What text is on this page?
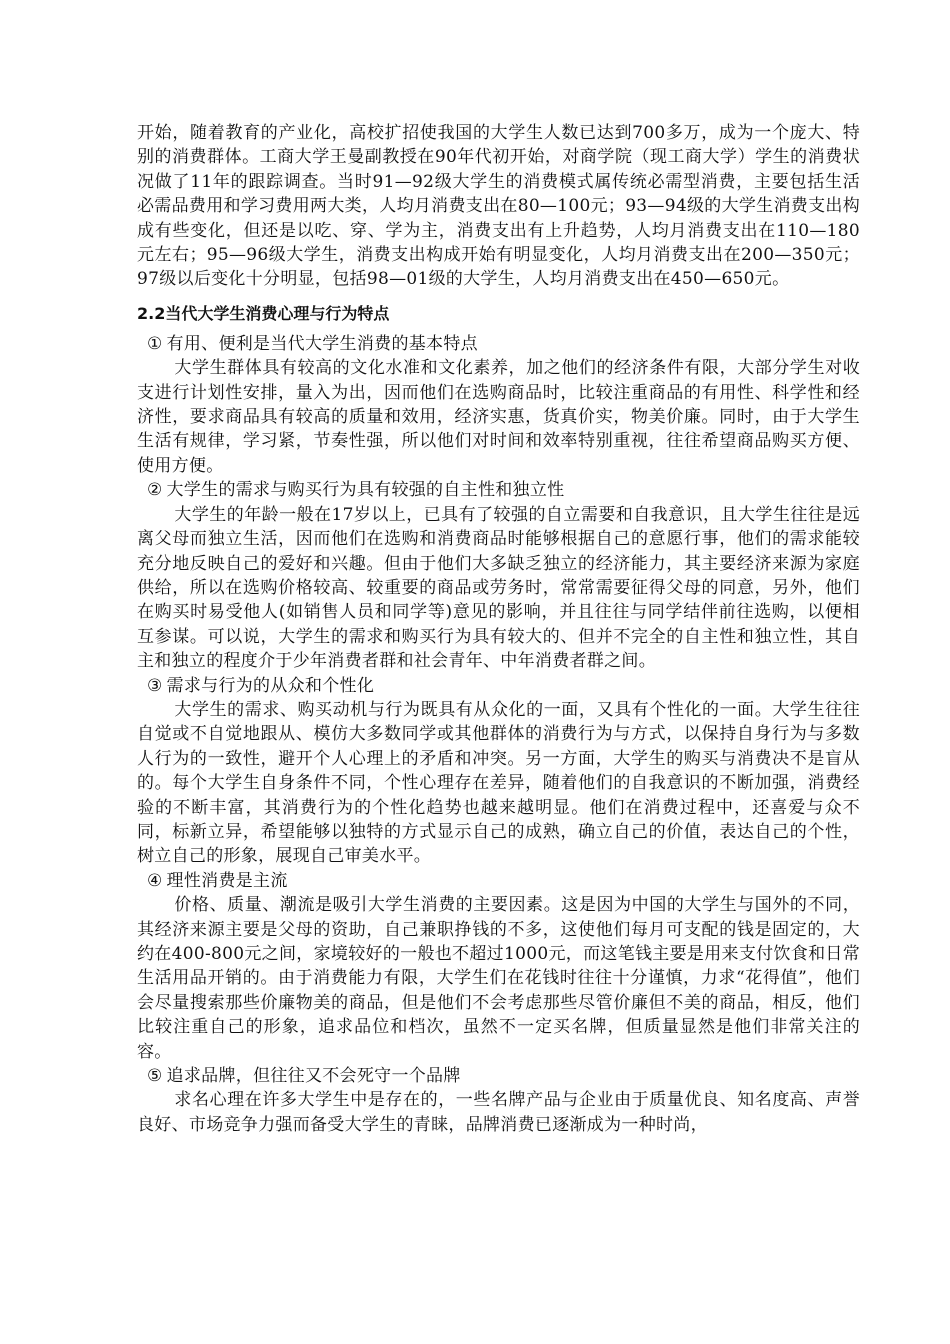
开始，随着教育的产业化，高校扩招使我国的大学生人数已达到700多万，成为一个庞大、特别的消费群体。工商大学王曼副教授在90年代初开始，对商学院（现工商大学）学生的消费状况做了11年的跟踪调查。当时91—92级大学生的消费模式属传统必需型消费，主要包括生活必需品费用和学习费用两大类，人均月消费支出在80—100元；93—94级的大学生消费支出构成有些变化，但还是以吃、穿、学为主，消费支出有上升趋势，人均月消费支出在110—180元左右；95—96级大学生，消费支出构成开始有明显变化，人均月消费支出在200—350元；97级以后变化十分明显，包括98—01级的大学生，人均月消费支出在450—650元。

2.2当代大学生消费心理与行为特点

① 有用、便利是当代大学生消费的基本特点

大学生群体具有较高的文化水准和文化素养，加之他们的经济条件有限，大部分学生对收支进行计划性安排，量入为出，因而他们在选购商品时，比较注重商品的有用性、科学性和经济性，要求商品具有较高的质量和效用，经济实惠，货真价实，物美价廉。同时，由于大学生生活有规律，学习紧，节奏性强，所以他们对时间和效率特别重视，往往希望商品购买方便、使用方便。

② 大学生的需求与购买行为具有较强的自主性和独立性

大学生的年龄一般在17岁以上，已具有了较强的自立需要和自我意识，且大学生往往是远离父母而独立生活，因而他们在选购和消费商品时能够根据自己的意愿行事，他们的需求能较充分地反映自己的爱好和兴趣。但由于他们大多缺乏独立的经济能力，其主要经济来源为家庭供给，所以在选购价格较高、较重要的商品或劳务时，常常需要征得父母的同意，另外，他们在购买时易受他人(如销售人员和同学等)意见的影响，并且往往与同学结伴前往选购，以便相互参谋。可以说，大学生的需求和购买行为具有较大的、但并不完全的自主性和独立性，其自主和独立的程度介于少年消费者群和社会青年、中年消费者群之间。

③ 需求与行为的从众和个性化

大学生的需求、购买动机与行为既具有从众化的一面，又具有个性化的一面。大学生往往自觉或不自觉地跟从、模仿大多数同学或其他群体的消费行为与方式，以保持自身行为与多数人行为的一致性，避开个人心理上的矛盾和冲突。另一方面，大学生的购买与消费决不是盲从的。每个大学生自身条件不同，个性心理存在差异，随着他们的自我意识的不断加强，消费经验的不断丰富，其消费行为的个性化趋势也越来越明显。他们在消费过程中，还喜爱与众不同，标新立异，希望能够以独特的方式显示自己的成熟，确立自己的价值，表达自己的个性，树立自己的形象，展现自己审美水平。

④ 理性消费是主流

价格、质量、潮流是吸引大学生消费的主要因素。这是因为中国的大学生与国外的不同，其经济来源主要是父母的资助，自己兼职挣钱的不多，这使他们每月可支配的钱是固定的，大约在400-800元之间，家境较好的一般也不超过1000元，而这笔钱主要是用来支付饮食和日常生活用品开销的。由于消费能力有限，大学生们在花钱时往往十分谨慎，力求“花得值”，他们会尽量搜索那些价廉物美的商品，但是他们不会考虑那些尽管价廉但不美的商品，相反，他们比较注重自己的形象，追求品位和档次，虽然不一定买名牌，但质量显然是他们非常关注的容。

⑤ 追求品牌，但往往又不会死守一个品牌

求名心理在许多大学生中是存在的，一些名牌产品与企业由于质量优良、知名度高、声誉良好、市场竞争力强而备受大学生的青睐，品牌消费已逐渐成为一种时尚，
